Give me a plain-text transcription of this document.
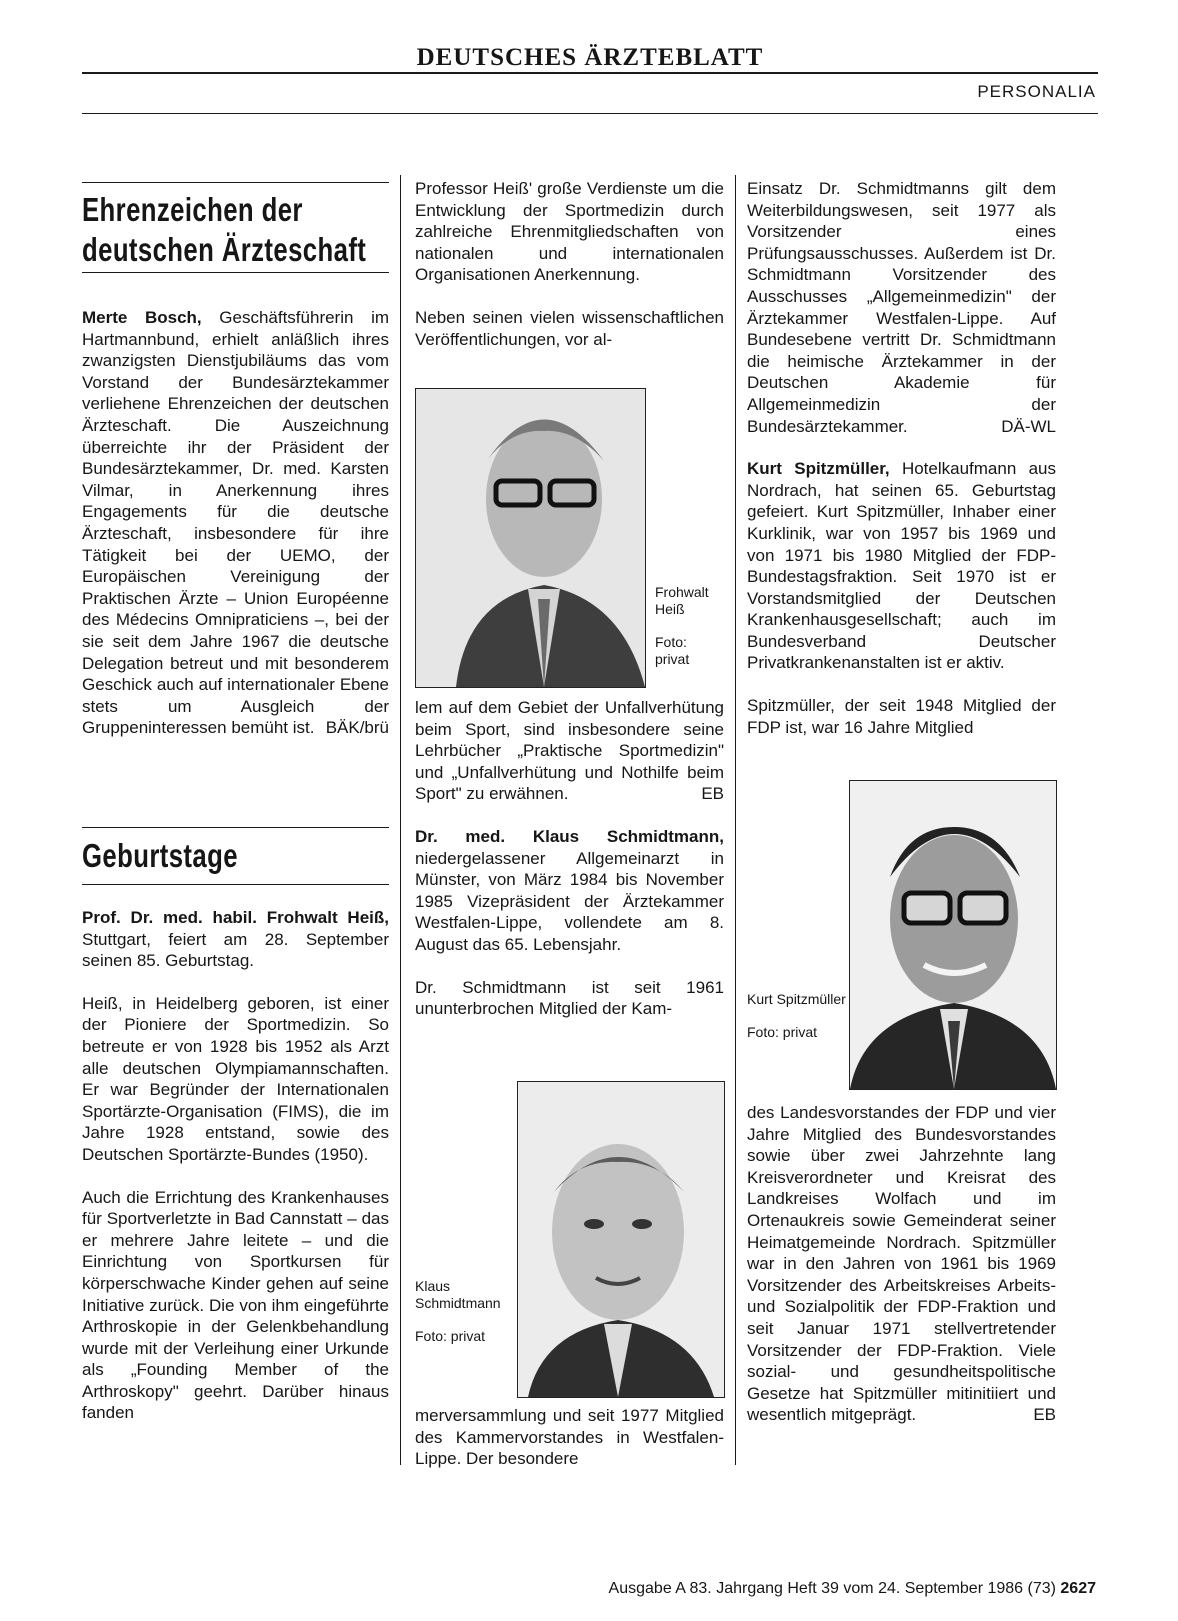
DEUTSCHES ÄRZTEBLATT
PERSONALIA
Ehrenzeichen der
deutschen Ärzteschaft

Merte Bosch, Geschäftsführerin im Hartmannbund, erhielt anläßlich ihres zwanzigsten Dienstjubiläums das vom Vorstand der Bundesärztekammer verliehene Ehrenzeichen der deutschen Ärzteschaft. Die Auszeichnung überreichte ihr der Präsident der Bundesärztekammer, Dr. med. Karsten Vilmar, in Anerkennung ihres Engagements für die deutsche Ärzteschaft, insbesondere für ihre Tätigkeit bei der UEMO, der Europäischen Vereinigung der Praktischen Ärzte – Union Européenne des Médecins Omnipraticiens –, bei der sie seit dem Jahre 1967 die deutsche Delegation betreut und mit besonderem Geschick auch auf internationaler Ebene stets um Ausgleich der Gruppeninteressen bemüht ist. BÄK/brü

Geburtstage

Prof. Dr. med. habil. Frohwalt Heiß, Stuttgart, feiert am 28. September seinen 85. Geburtstag.

Heiß, in Heidelberg geboren, ist einer der Pioniere der Sportmedizin. So betreute er von 1928 bis 1952 als Arzt alle deutschen Olympiamannschaften. Er war Begründer der Internationalen Sportärzte-Organisation (FIMS), die im Jahre 1928 entstand, sowie des Deutschen Sportärzte-Bundes (1950).

Auch die Errichtung des Krankenhauses für Sportverletzte in Bad Cannstatt – das er mehrere Jahre leitete – und die Einrichtung von Sportkursen für körperschwache Kinder gehen auf seine Initiative zurück. Die von ihm eingeführte Arthroskopie in der Gelenkbehandlung wurde mit der Verleihung einer Urkunde als „Founding Member of the Arthroskopy" geehrt. Darüber hinaus fanden

Professor Heiß' große Verdienste um die Entwicklung der Sportmedizin durch zahlreiche Ehrenmitgliedschaften von nationalen und internationalen Organisationen Anerkennung.

Neben seinen vielen wissenschaftlichen Veröffentlichungen, vor al-

Frohwalt Heiß

Foto: privat

lem auf dem Gebiet der Unfallverhütung beim Sport, sind insbesondere seine Lehrbücher „Praktische Sportmedizin" und „Unfallverhütung und Nothilfe beim Sport" zu erwähnen.	EB

Dr. med. Klaus Schmidtmann, niedergelassener Allgemeinarzt in Münster, von März 1984 bis November 1985 Vizepräsident der Ärztekammer Westfalen-Lippe, vollendete am 8. August das 65. Lebensjahr.

Dr. Schmidtmann ist seit 1961 ununterbrochen Mitglied der Kam-

Klaus Schmidtmann

Foto: privat

merversammlung und seit 1977 Mitglied des Kammervorstandes in Westfalen-Lippe. Der besondere

Einsatz Dr. Schmidtmanns gilt dem Weiterbildungswesen, seit 1977 als Vorsitzender eines Prüfungsausschusses. Außerdem ist Dr. Schmidtmann Vorsitzender des Ausschusses „Allgemeinmedizin" der Ärztekammer Westfalen-Lippe. Auf Bundesebene vertritt Dr. Schmidtmann die heimische Ärztekammer in der Deutschen Akademie für Allgemeinmedizin der Bundesärztekammer.	DÄ-WL

Kurt Spitzmüller, Hotelkaufmann aus Nordrach, hat seinen 65. Geburtstag gefeiert. Kurt Spitzmüller, Inhaber einer Kurklinik, war von 1957 bis 1969 und von 1971 bis 1980 Mitglied der FDP-Bundestagsfraktion. Seit 1970 ist er Vorstandsmitglied der Deutschen Krankenhausgesellschaft; auch im Bundesverband Deutscher Privatkrankenanstalten ist er aktiv.

Spitzmüller, der seit 1948 Mitglied der FDP ist, war 16 Jahre Mitglied

Kurt Spitzmüller

Foto: privat

des Landesvorstandes der FDP und vier Jahre Mitglied des Bundesvorstandes sowie über zwei Jahrzehnte lang Kreisverordneter und Kreisrat des Landkreises Wolfach und im Ortenaukreis sowie Gemeinderat seiner Heimatgemeinde Nordrach. Spitzmüller war in den Jahren von 1961 bis 1969 Vorsitzender des Arbeitskreises Arbeits- und Sozialpolitik der FDP-Fraktion und seit Januar 1971 stellvertretender Vorsitzender der FDP-Fraktion. Viele sozial- und gesundheitspolitische Gesetze hat Spitzmüller mitinitiiert und wesentlich mitgeprägt.	EB

Ausgabe A 83. Jahrgang Heft 39 vom 24. September 1986 (73) 2627
